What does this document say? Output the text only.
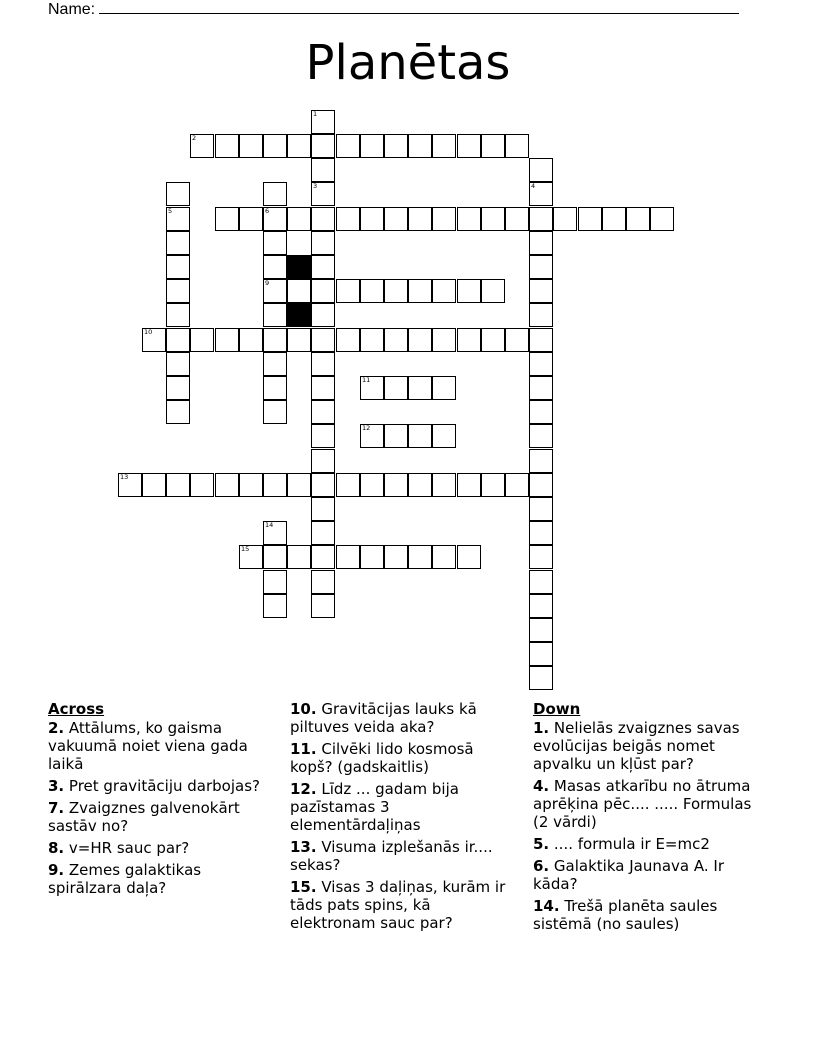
Name:
Planētas
1
3
2
4
5	6
9
10
11
12
13
14
15
Across
2. Attālums, ko gaisma vakuumā noiet viena gada laikā
3. Pret gravitāciju darbojas?
7. Zvaigznes galvenokārt sastāv no?
8. v=HR sauc par?
9. Zemes galaktikas spirālzara daļa?
10. Gravitācijas lauks kā piltuves veida aka?
11. Cilvēki lido kosmosā kopš? (gadskaitlis)
12. Līdz ... gadam bija pazīstamas 3 elementārdaļiņas
13. Visuma izplešanās ir.... sekas?
15. Visas 3 daļiņas, kurām ir tāds pats spins, kā elektronam sauc par?
Down
1. Nelielās zvaigznes savas evolūcijas beigās nomet apvalku un kļūst par?
4. Masas atkarību no ātruma aprēķina pēc.... ..... Formulas (2 vārdi)
5. .... formula ir E=mc2
6. Galaktika Jaunava A. Ir kāda?
14. Trešā planēta saules sistēmā (no saules)
